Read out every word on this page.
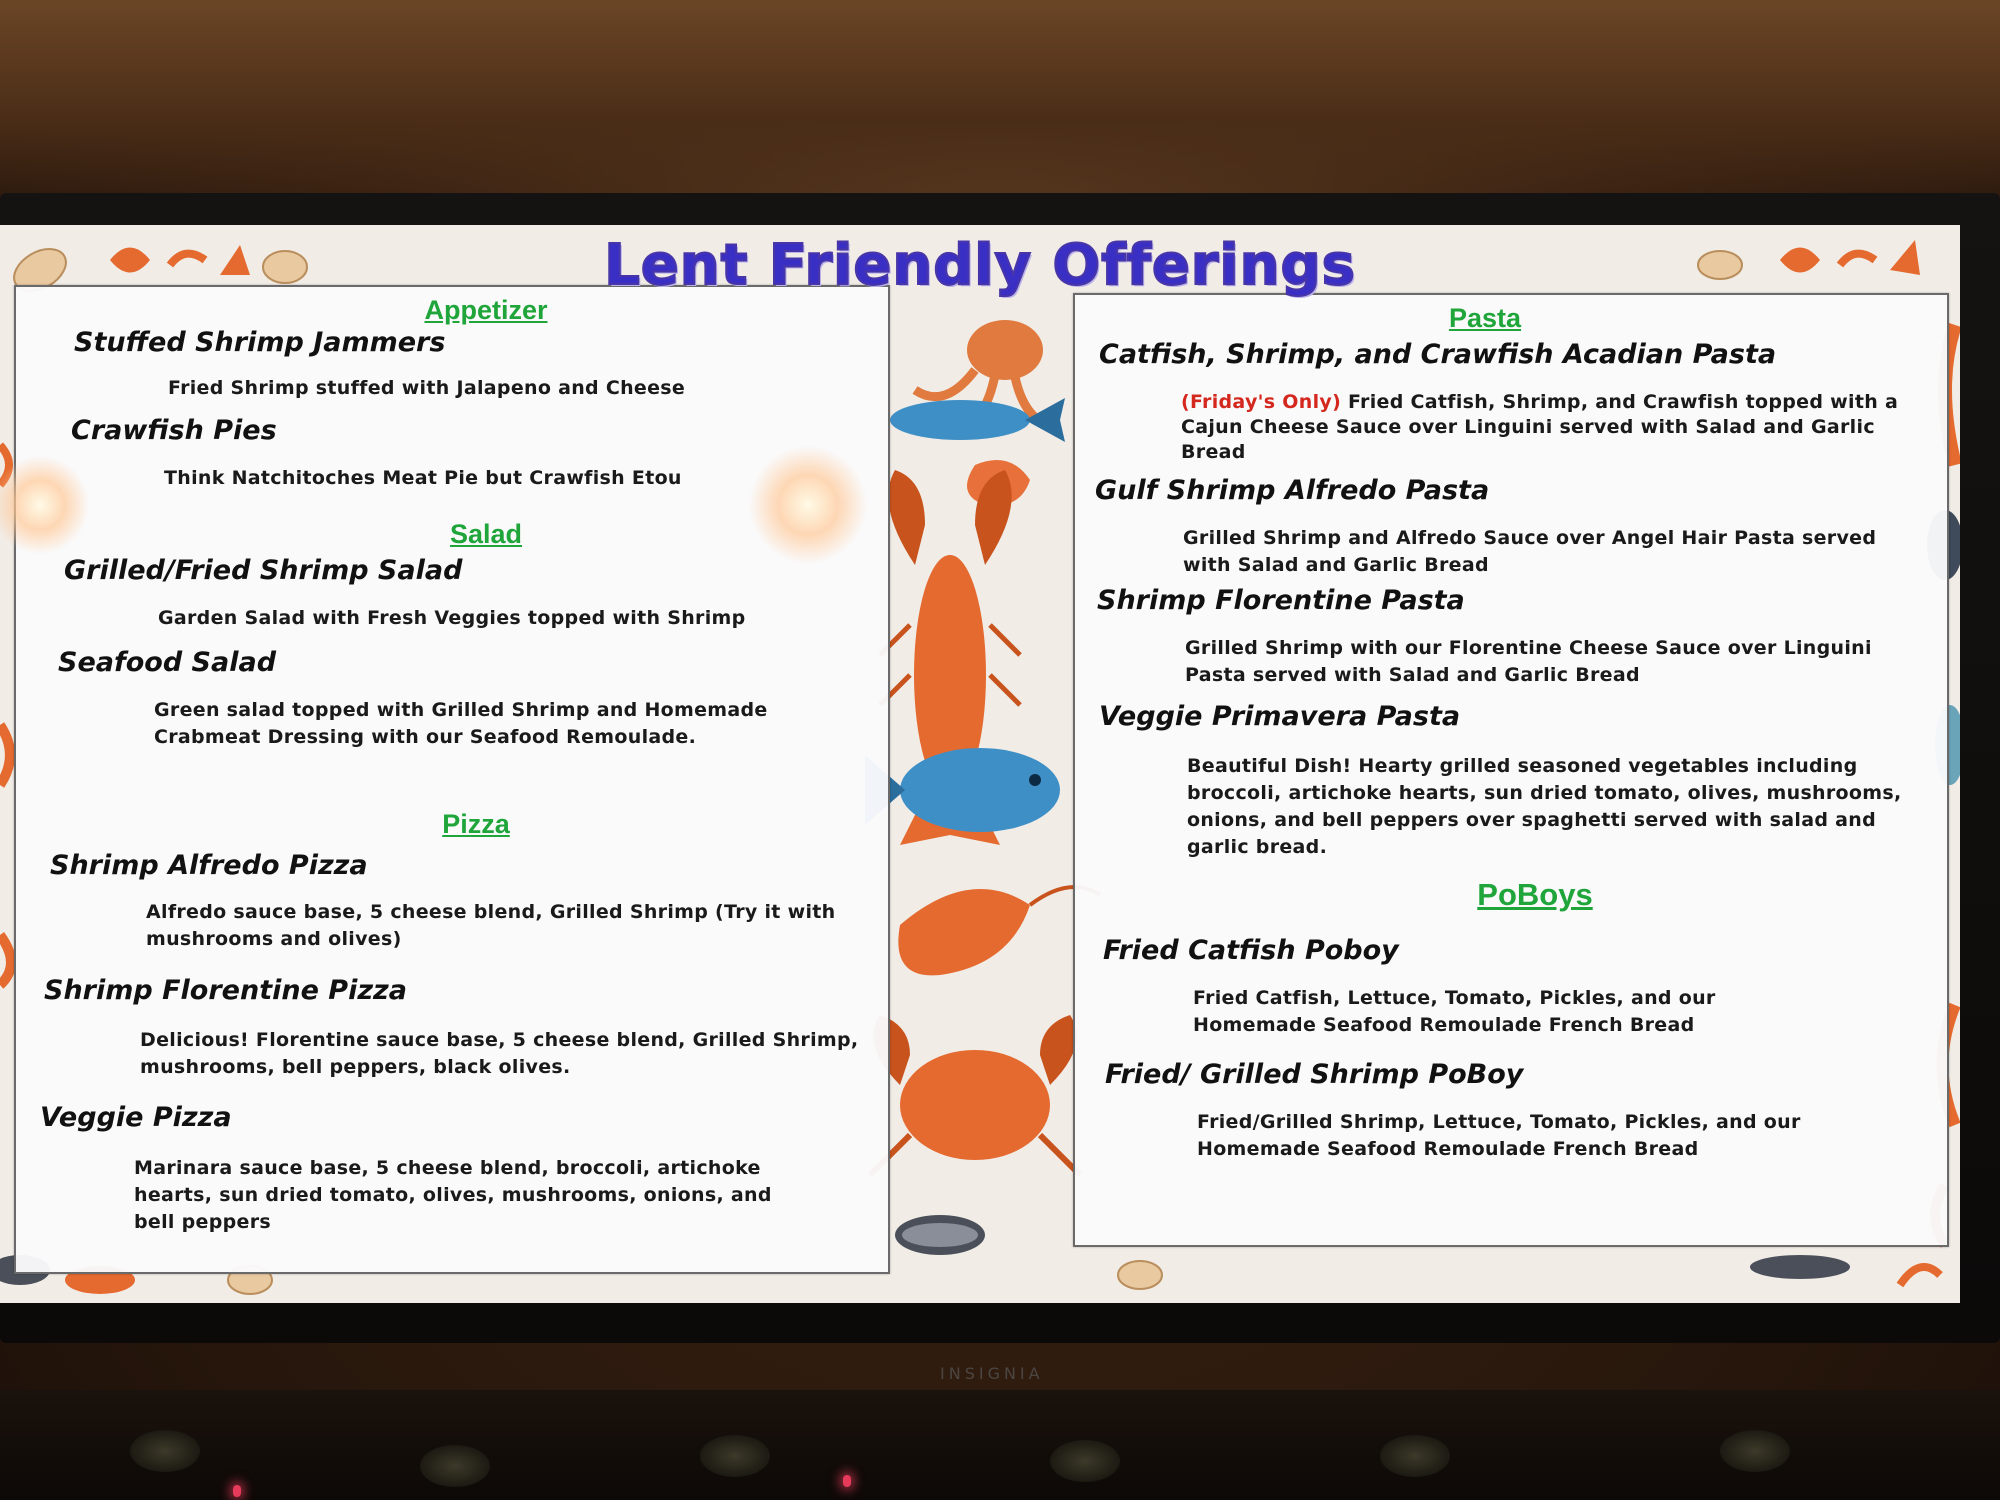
Lent Friendly Offerings
Appetizer
Stuffed Shrimp Jammers
Fried Shrimp stuffed with Jalapeno and Cheese
Crawfish Pies
Think Natchitoches Meat Pie but Crawfish Etou
Salad
Grilled/Fried Shrimp Salad
Garden Salad with Fresh Veggies topped with Shrimp
Seafood Salad
Green salad topped with Grilled Shrimp and Homemade Crabmeat Dressing with our Seafood Remoulade.
Pizza
Shrimp Alfredo Pizza
Alfredo sauce base, 5 cheese blend, Grilled Shrimp (Try it with mushrooms and olives)
Shrimp Florentine Pizza
Delicious! Florentine sauce base, 5 cheese blend, Grilled Shrimp, mushrooms, bell peppers, black olives.
Veggie Pizza
Marinara sauce base, 5 cheese blend, broccoli, artichoke hearts, sun dried tomato, olives, mushrooms, onions, and bell peppers
Pasta
Catfish, Shrimp, and Crawfish Acadian Pasta
(Friday's Only) Fried Catfish, Shrimp, and Crawfish topped with a Cajun Cheese Sauce over Linguini served with Salad and Garlic Bread
Gulf Shrimp Alfredo Pasta
Grilled Shrimp and Alfredo Sauce over Angel Hair Pasta served with Salad and Garlic Bread
Shrimp Florentine Pasta
Grilled Shrimp with our Florentine Cheese Sauce over Linguini Pasta served with Salad and Garlic Bread
Veggie Primavera Pasta
Beautiful Dish! Hearty grilled seasoned vegetables including broccoli, artichoke hearts, sun dried tomato, olives, mushrooms, onions, and bell peppers over spaghetti served with salad and garlic bread.
PoBoys
Fried Catfish Poboy
Fried Catfish, Lettuce, Tomato, Pickles, and our Homemade Seafood Remoulade French Bread
Fried/ Grilled Shrimp PoBoy
Fried/Grilled Shrimp, Lettuce, Tomato, Pickles, and our Homemade Seafood Remoulade French Bread
INSIGNIA
